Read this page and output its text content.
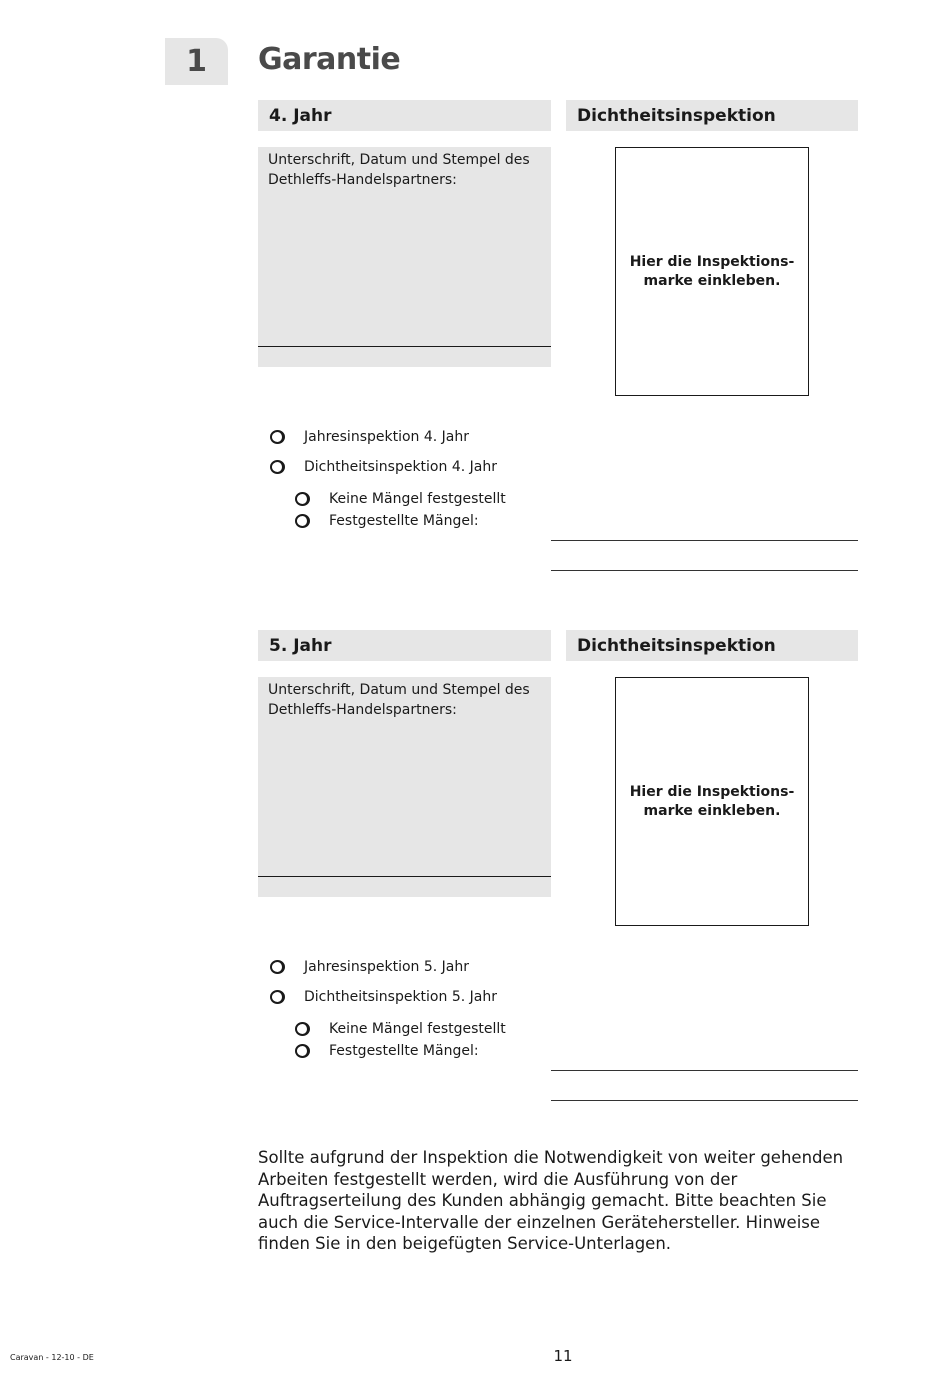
1	Garantie
4. Jahr	Dichtheitsinspektion
Unterschrift, Datum und Stempel des Dethleffs-Handelspartners:
Hier die Inspektions-
marke einkleben.
Jahresinspektion 4. Jahr
Dichtheitsinspektion 4. Jahr
Keine Mängel festgestellt
Festgestellte Mängel:
5. Jahr	Dichtheitsinspektion
Unterschrift, Datum und Stempel des Dethleffs-Handelspartners:
Hier die Inspektions-
marke einkleben.
Jahresinspektion 5. Jahr
Dichtheitsinspektion 5. Jahr
Keine Mängel festgestellt
Festgestellte Mängel:
Sollte aufgrund der Inspektion die Notwendigkeit von weiter gehenden Arbeiten festgestellt werden, wird die Ausführung von der Auftragserteilung des Kunden abhängig gemacht. Bitte beachten Sie auch die Service-Intervalle der einzelnen Gerätehersteller. Hinweise finden Sie in den beigefügten Service-Unterlagen.
Caravan - 12-10 - DE	11
